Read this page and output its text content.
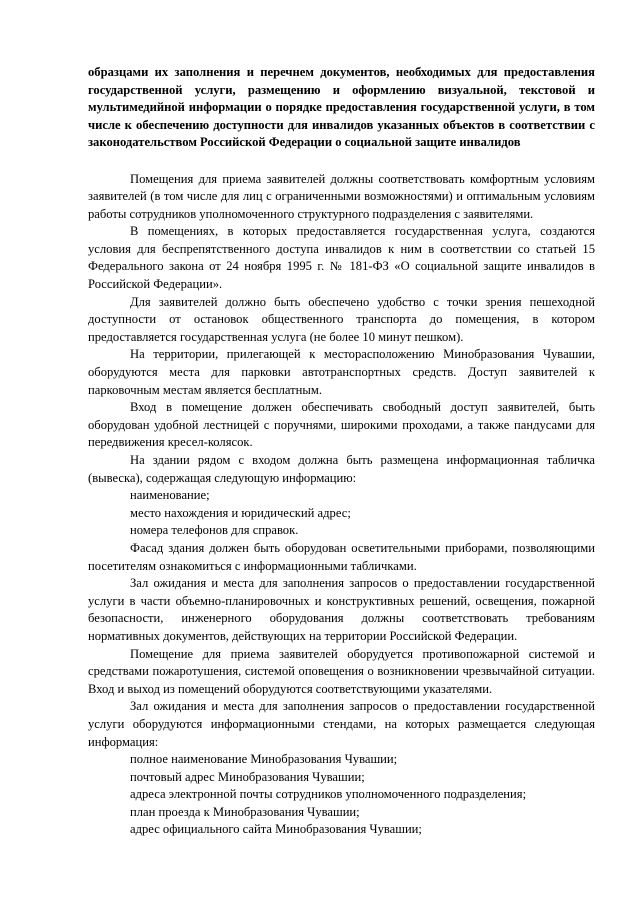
образцами их заполнения и перечнем документов, необходимых для предоставления государственной услуги, размещению и оформлению визуальной, текстовой и мультимедийной информации о порядке предоставления государственной услуги, в том числе к обеспечению доступности для инвалидов указанных объектов в соответствии с законодательством Российской Федерации о социальной защите инвалидов

Помещения для приема заявителей должны соответствовать комфортным условиям заявителей (в том числе для лиц с ограниченными возможностями) и оптимальным условиям работы сотрудников уполномоченного структурного подразделения с заявителями.

В помещениях, в которых предоставляется государственная услуга, создаются условия для беспрепятственного доступа инвалидов к ним в соответствии со статьей 15 Федерального закона от 24 ноября 1995 г. № 181-ФЗ «О социальной защите инвалидов в Российской Федерации».

Для заявителей должно быть обеспечено удобство с точки зрения пешеходной доступности от остановок общественного транспорта до помещения, в котором предоставляется государственная услуга (не более 10 минут пешком).

На территории, прилегающей к месторасположению Минобразования Чувашии, оборудуются места для парковки автотранспортных средств. Доступ заявителей к парковочным местам является бесплатным.

Вход в помещение должен обеспечивать свободный доступ заявителей, быть оборудован удобной лестницей с поручнями, широкими проходами, а также пандусами для передвижения кресел-колясок.

На здании рядом с входом должна быть размещена информационная табличка (вывеска), содержащая следующую информацию:

наименование;

место нахождения и юридический адрес;

номера телефонов для справок.

Фасад здания должен быть оборудован осветительными приборами, позволяющими посетителям ознакомиться с информационными табличками.

Зал ожидания и места для заполнения запросов о предоставлении государственной услуги в части объемно-планировочных и конструктивных решений, освещения, пожарной безопасности, инженерного оборудования должны соответствовать требованиям нормативных документов, действующих на территории Российской Федерации.

Помещение для приема заявителей оборудуется противопожарной системой и средствами пожаротушения, системой оповещения о возникновении чрезвычайной ситуации. Вход и выход из помещений оборудуются соответствующими указателями.

Зал ожидания и места для заполнения запросов о предоставлении государственной услуги оборудуются информационными стендами, на которых размещается следующая информация:

полное наименование Минобразования Чувашии;

почтовый адрес Минобразования Чувашии;

адреса электронной почты сотрудников уполномоченного подразделения;

план проезда к Минобразования Чувашии;

адрес официального сайта Минобразования Чувашии;
